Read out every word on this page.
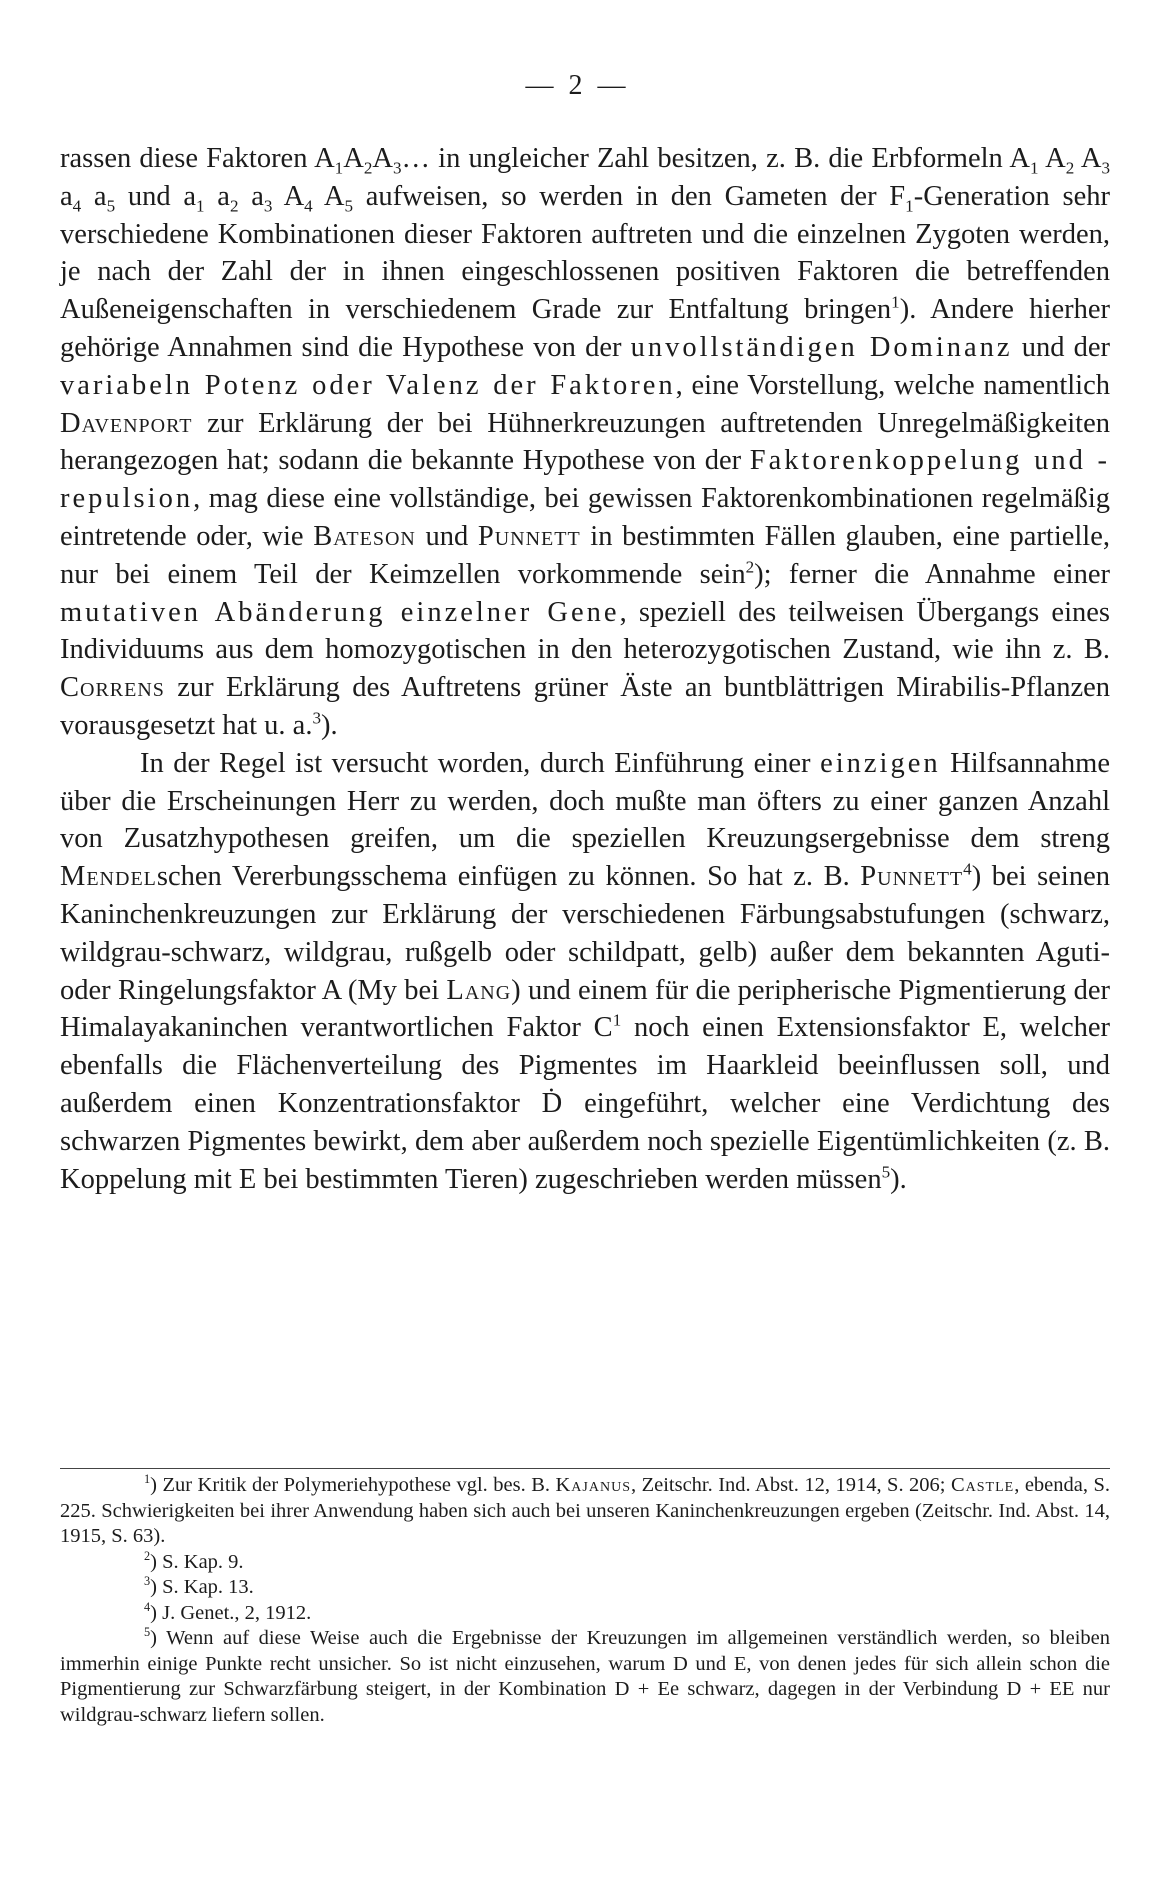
— 2 —

rassen diese Faktoren $A_1A_2A_3\dots$ in ungleicher Zahl besitzen, z. B. die Erbformeln $A_1$ $A_2$ $A_3$ $a_4$ $a_5$ und $a_1$ $a_2$ $a_3$ $A_4$ $A_5$ aufweisen, so werden in den Gameten der $F_1$-Generation sehr verschiedene Kombinationen dieser Faktoren auftreten und die einzelnen Zygoten werden, je nach der Zahl der in ihnen eingeschlossenen positiven Faktoren die betreffenden Außeneigenschaften in verschiedenem Grade zur Entfaltung bringen$^1$). Andere hierher gehörige Annahmen sind die Hypothese von der unvollständigen Dominanz und der variabeln Potenz oder Valenz der Faktoren, eine Vorstellung, welche namentlich Davenport zur Erklärung der bei Hühnerkreuzungen auftretenden Unregelmäßigkeiten herangezogen hat; sodann die bekannte Hypothese von der Faktorenkoppelung und -repulsion, mag diese eine vollständige, bei gewissen Faktorenkombinationen regelmäßig eintretende oder, wie Bateson und Punnett in bestimmten Fällen glauben, eine partielle, nur bei einem Teil der Keimzellen vorkommende sein$^2$); ferner die Annahme einer mutativen Abänderung einzelner Gene, speziell des teilweisen Übergangs eines Individuums aus dem homozygotischen in den heterozygotischen Zustand, wie ihn z. B. Correns zur Erklärung des Auftretens grüner Äste an buntblättrigen Mirabilis-Pflanzen vorausgesetzt hat u. a.$^3$).

In der Regel ist versucht worden, durch Einführung einer einzigen Hilfsannahme über die Erscheinungen Herr zu werden, doch mußte man öfters zu einer ganzen Anzahl von Zusatzhypothesen greifen, um die speziellen Kreuzungsergebnisse dem streng Mendelschen Vererbungsschema einfügen zu können. So hat z. B. Punnett$^4$) bei seinen Kaninchenkreuzungen zur Erklärung der verschiedenen Färbungsabstufungen (schwarz, wildgrau-schwarz, wildgrau, rußgelb oder schildpatt, gelb) außer dem bekannten Aguti- oder Ringelungsfaktor A (My bei Lang) und einem für die peripherische Pigmentierung der Himalayakaninchen verantwortlichen Faktor $C^1$ noch einen Extensionsfaktor E, welcher ebenfalls die Flächenverteilung des Pigmentes im Haarkleid beeinflussen soll, und außerdem einen Konzentrationsfaktor Ḋ eingeführt, welcher eine Verdichtung des schwarzen Pigmentes bewirkt, dem aber außerdem noch spezielle Eigentümlichkeiten (z. B. Koppelung mit E bei bestimmten Tieren) zugeschrieben werden müssen$^5$).

$^1$) Zur Kritik der Polymeriehypothese vgl. bes. B. Kajanus, Zeitschr. Ind. Abst. 12, 1914, S. 206; Castle, ebenda, S. 225. Schwierigkeiten bei ihrer Anwendung haben sich auch bei unseren Kaninchenkreuzungen ergeben (Zeitschr. Ind. Abst. 14, 1915, S. 63).

$^2$) S. Kap. 9.

$^3$) S. Kap. 13.

$^4$) J. Genet., 2, 1912.

$^5$) Wenn auf diese Weise auch die Ergebnisse der Kreuzungen im allgemeinen verständlich werden, so bleiben immerhin einige Punkte recht unsicher. So ist nicht einzusehen, warum D und E, von denen jedes für sich allein schon die Pigmentierung zur Schwarzfärbung steigert, in der Kombination D + Ee schwarz, dagegen in der Verbindung D + EE nur wildgrau-schwarz liefern sollen.
